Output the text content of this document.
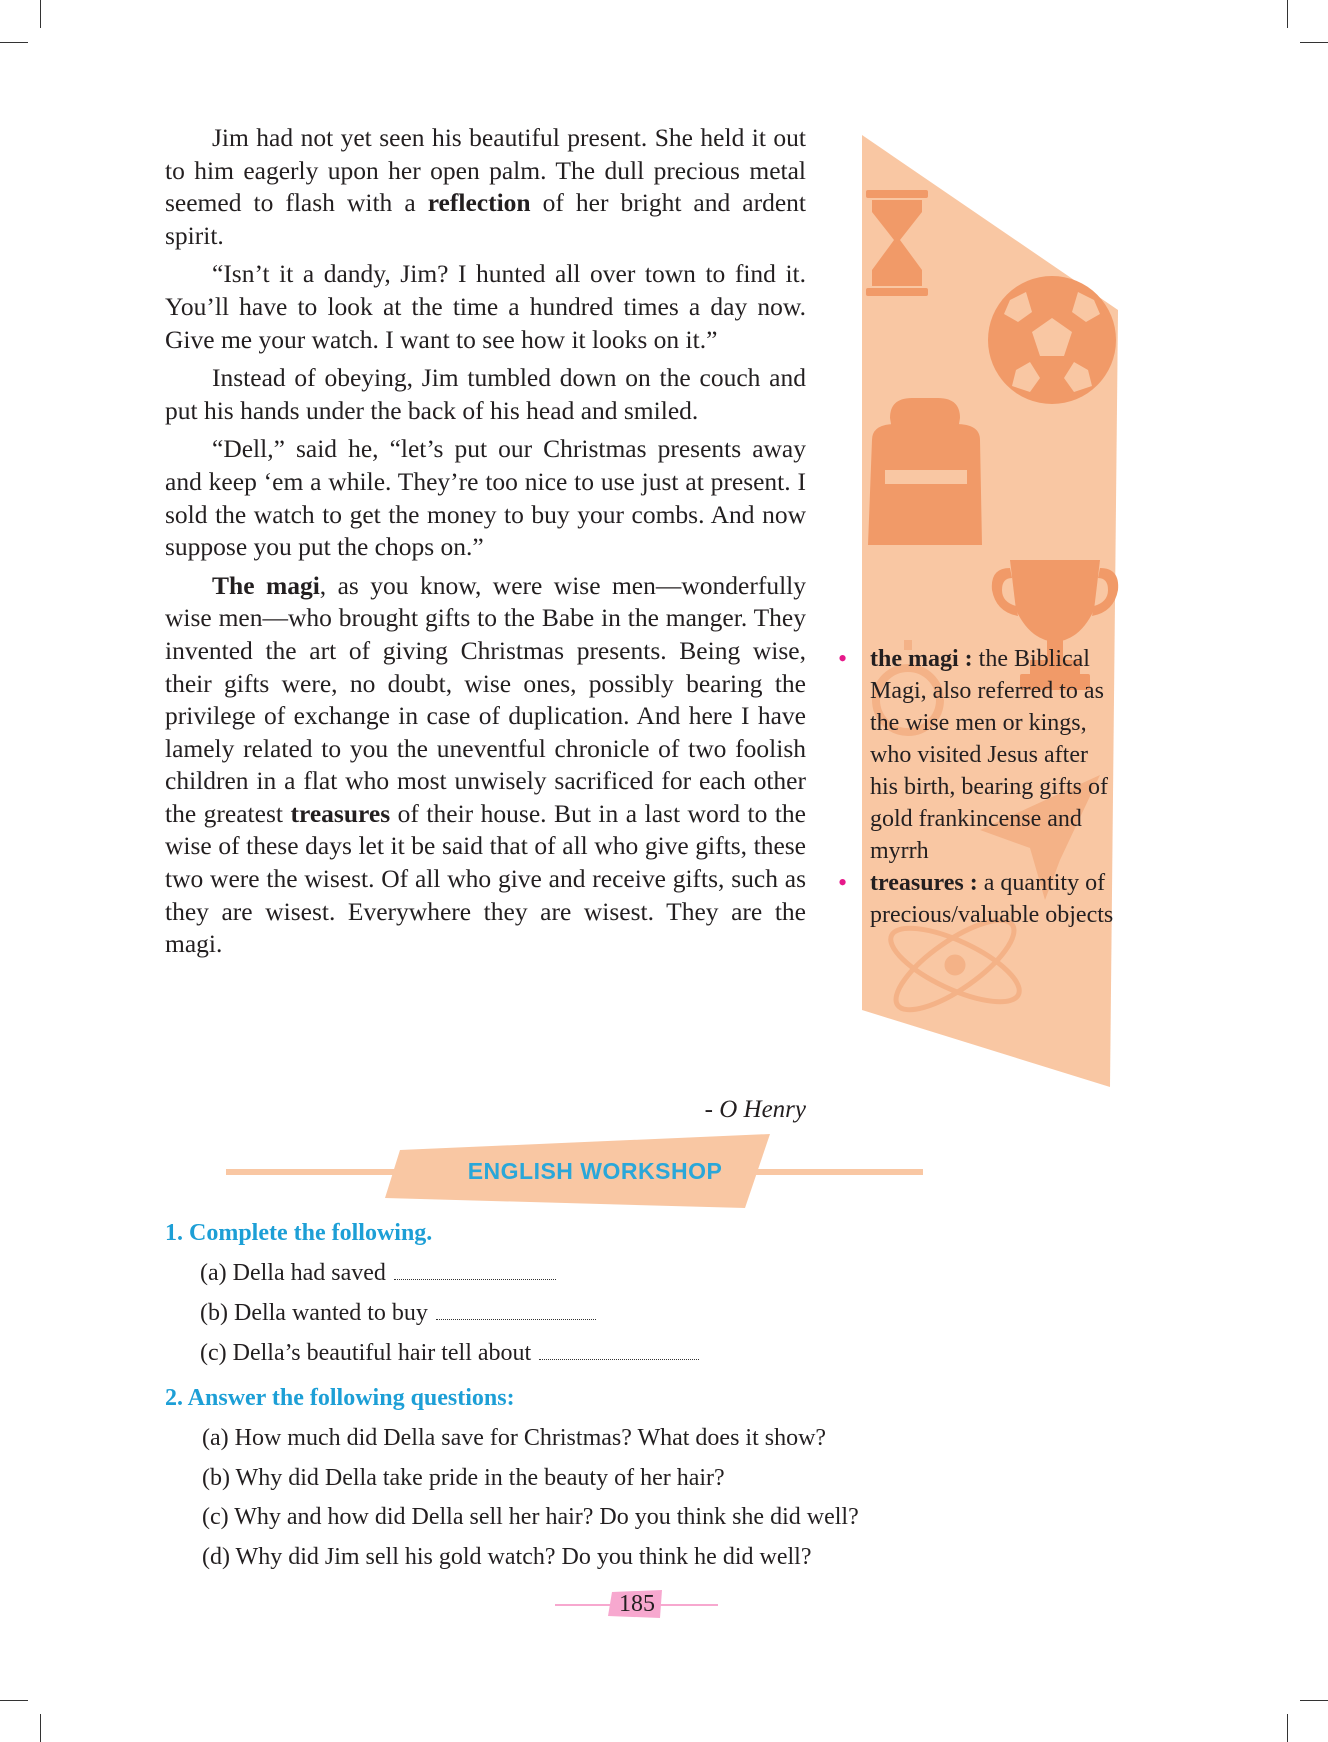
Jim had not yet seen his beautiful present. She held it out to him eagerly upon her open palm. The dull precious metal seemed to flash with a reflection of her bright and ardent spirit.

“Isn’t it a dandy, Jim? I hunted all over town to find it. You’ll have to look at the time a hundred times a day now. Give me your watch. I want to see how it looks on it.”

Instead of obeying, Jim tumbled down on the couch and put his hands under the back of his head and smiled.

“Dell,” said he, “let’s put our Christmas presents away and keep ‘em a while. They’re too nice to use just at present. I sold the watch to get the money to buy your combs. And now suppose you put the chops on.”

The magi, as you know, were wise men—wonderfully wise men—who brought gifts to the Babe in the manger. They invented the art of giving Christmas presents. Being wise, their gifts were, no doubt, wise ones, possibly bearing the privilege of exchange in case of duplication. And here I have lamely related to you the uneventful chronicle of two foolish children in a flat who most unwisely sacrificed for each other the greatest treasures of their house. But in a last word to the wise of these days let it be said that of all who give gifts, these two were the wisest. Of all who give and receive gifts, such as they are wisest. Everywhere they are wisest. They are the magi.

- O Henry
• the magi : the Biblical Magi, also referred to as the wise men or kings, who visited Jesus after his birth, bearing gifts of gold frankincense and myrrh
• treasures : a quantity of precious/valuable objects
ENGLISH WORKSHOP
1. Complete the following.
(a) Della had saved
(b) Della wanted to buy
(c) Della’s beautiful hair tell about
2. Answer the following questions:
(a) How much did Della save for Christmas? What does it show?
(b) Why did Della take pride in the beauty of her hair?
(c) Why and how did Della sell her hair? Do you think she did well?
(d) Why did Jim sell his gold watch? Do you think he did well?
185
